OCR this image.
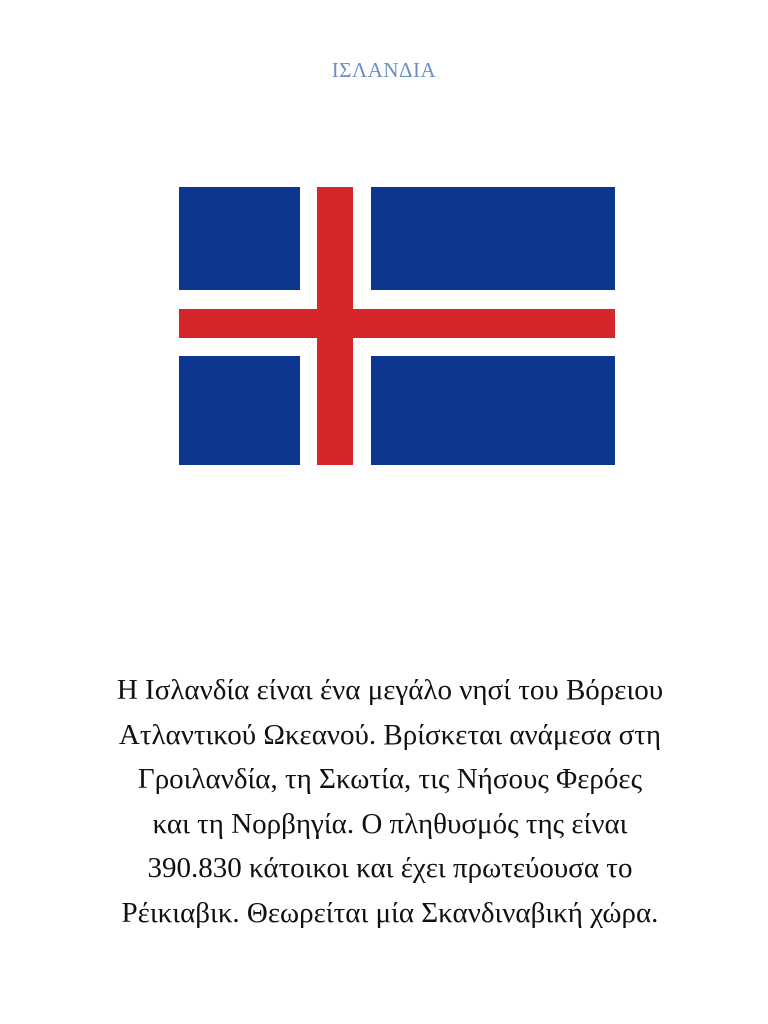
ΙΣΛΑΝΔΙΑ
Η Ισλανδία είναι ένα μεγάλο νησί του Βόρειου
Ατλαντικού Ωκεανού. Βρίσκεται ανάμεσα στη
Γροιλανδία, τη Σκωτία, τις Νήσους Φερόες
και τη Νορβηγία. Ο πληθυσμός της είναι
390.830 κάτοικοι και έχει πρωτεύουσα το
Ρέικιαβικ. Θεωρείται μία Σκανδιναβική χώρα.
